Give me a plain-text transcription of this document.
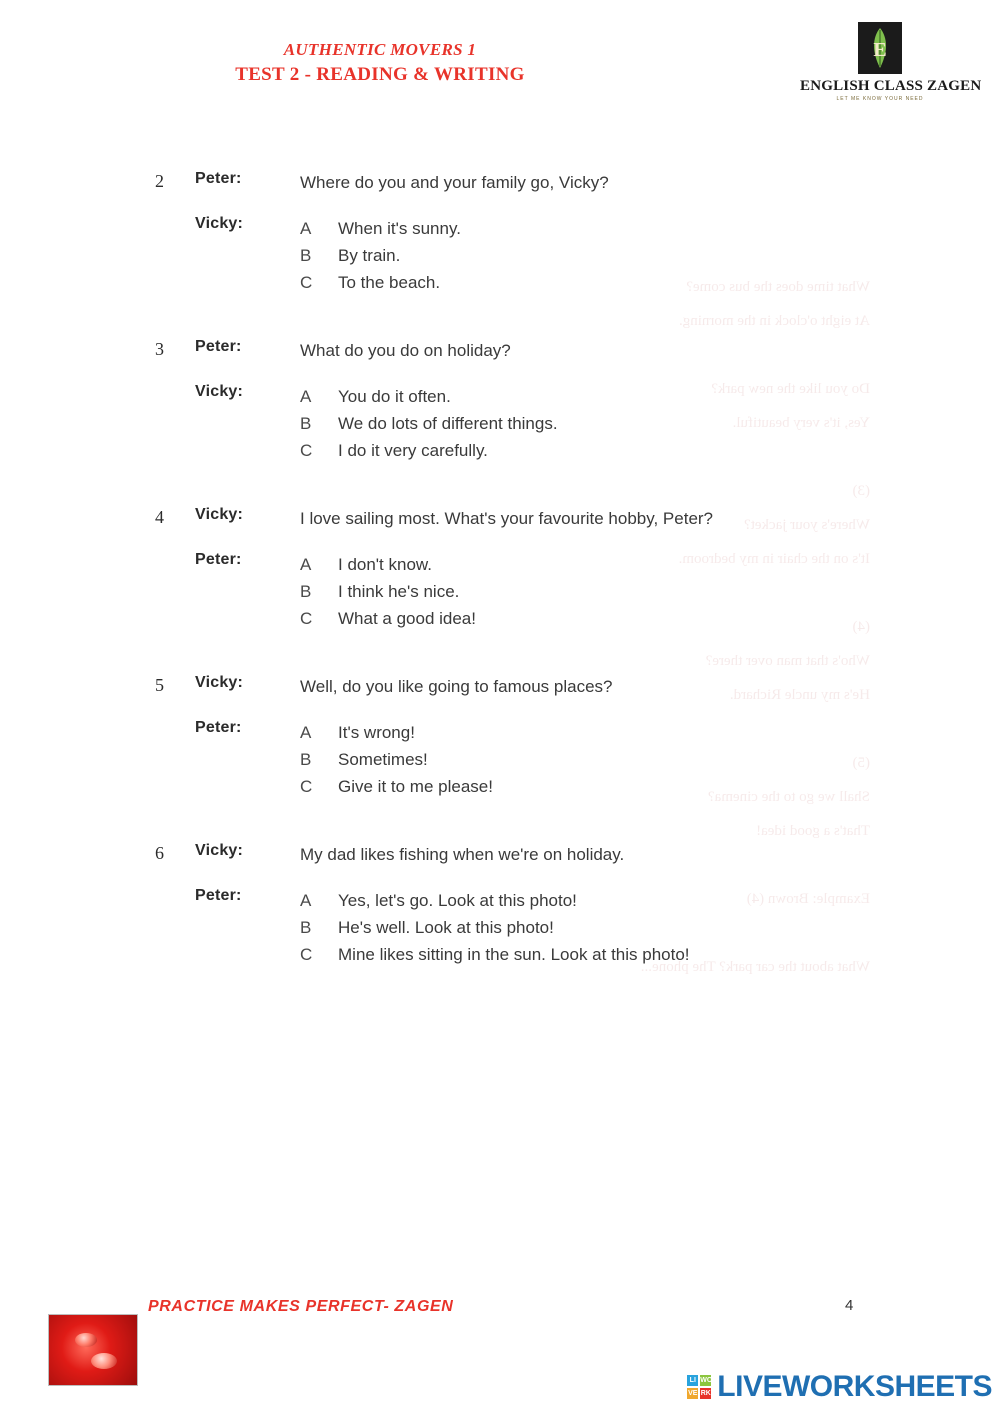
AUTHENTIC MOVERS 1
TEST 2 - READING & WRITING
E
ENGLISH CLASS ZAGEN
LET ME KNOW YOUR NEED
What time does the bus come?
At eight o'clock in the morning.

Do you like the new park?
Yes, it's very beautiful.

(3)
Where's your jacket?
It's on the chair in my bedroom.

(4)
Who's that man over there?
He's my uncle Richard.

(5)
Shall we go to the cinema?
That's a good idea!

Example: Brown (4)

What about the car park? The phone...
2	Peter:	Where do you and your family go, Vicky?
Vicky:	A	When it's sunny.
B	By train.
C	To the beach.
3	Peter:	What do you do on holiday?
Vicky:	A	You do it often.
B	We do lots of different things.
C	I do it very carefully.
4	Vicky:	I love sailing most. What's your favourite hobby, Peter?
Peter:	A	I don't know.
B	I think he's nice.
C	What a good idea!
5	Vicky:	Well, do you like going to famous places?
Peter:	A	It's wrong!
B	Sometimes!
C	Give it to me please!
6	Vicky:	My dad likes fishing when we're on holiday.
Peter:	A	Yes, let's go. Look at this photo!
B	He's well. Look at this photo!
C	Mine likes sitting in the sun. Look at this photo!
PRACTICE MAKES PERFECT- ZAGEN	4
LI WO
VE RK LIVEWORKSHEETS
